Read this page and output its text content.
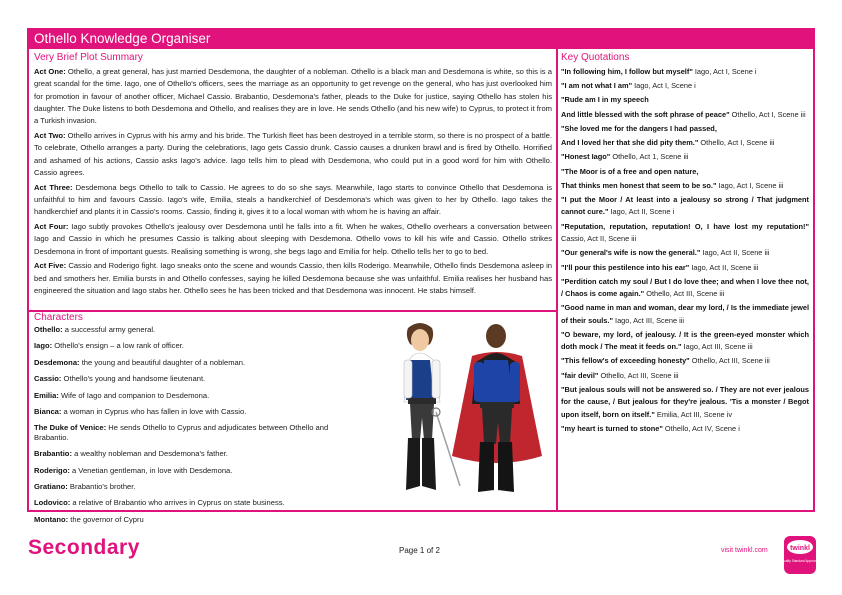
Othello Knowledge Organiser
Very Brief Plot Summary

Act One: Othello, a great general, has just married Desdemona, the daughter of a nobleman. Othello is a black man and Desdemona is white, so this is a great scandal for the time. Iago, one of Othello's officers, sees the marriage as an opportunity to get revenge on the general, who has just overlooked him for promotion in favour of another officer, Michael Cassio. Brabantio, Desdemona's father, pleads to the Duke for justice, saying Othello has stolen his daughter. The Duke listens to both Desdemona and Othello, and realises they are in love. He sends Othello (and his new wife) to Cyprus, to protect it from a Turkish invasion.

Act Two: Othello arrives in Cyprus with his army and his bride. The Turkish fleet has been destroyed in a terrible storm, so there is no prospect of a battle. To celebrate, Othello arranges a party. During the celebrations, Iago gets Cassio drunk. Cassio causes a drunken brawl and is fired by Othello. Horrified and ashamed of his actions, Cassio asks Iago's advice. Iago tells him to plead with Desdemona, who could put in a good word for him with Othello. Cassio agrees.

Act Three: Desdemona begs Othello to talk to Cassio. He agrees to do so she says. Meanwhile, Iago starts to convince Othello that Desdemona is unfaithful to him and favours Cassio. Iago's wife, Emilia, steals a handkerchief of Desdemona's which was given to her by Othello. Iago takes the handkerchief and plants it in Cassio's rooms. Cassio, finding it, gives it to a local woman with whom he is having an affair.

Act Four: Iago subtly provokes Othello's jealousy over Desdemona until he falls into a fit. When he wakes, Othello overhears a conversation between Iago and Cassio in which he presumes Cassio is talking about sleeping with Desdemona. Othello vows to kill his wife and Cassio. Othello strikes Desdemona in front of important guests. Realising something is wrong, she begs Iago and Emilia for help. Othello tells her to go to bed.

Act Five: Cassio and Roderigo fight. Iago sneaks onto the scene and wounds Cassio, then kills Roderigo. Meanwhile, Othello finds Desdemona asleep in bed and smothers her. Emilia bursts in and Othello confesses, saying he killed Desdemona because she was unfaithful. Emilia realises her husband has engineered the situation and Iago stabs her. Othello sees he has been tricked and that Desdemona was innocent. He stabs himself.

Characters
Othello: a successful army general.
Iago: Othello's ensign – a low rank of officer.
Desdemona: the young and beautiful daughter of a nobleman.
Cassio: Othello's young and handsome lieutenant.
Emilia: Wife of Iago and companion to Desdemona.
Bianca: a woman in Cyprus who has fallen in love with Cassio.
The Duke of Venice: He sends Othello to Cyprus and adjudicates between Othello and Brabantio.
Brabantio: a wealthy nobleman and Desdemona's father.
Roderigo: a Venetian gentleman, in love with Desdemona.
Gratiano: Brabantio's brother.
Lodovico: a relative of Brabantio who arrives in Cyprus on state business.
Montano: the governor of Cypru
Key Quotations
"In following him, I follow but myself" Iago, Act I, Scene i
"I am not what I am" Iago, Act I, Scene i
"Rude am I in my speech
And little blessed with the soft phrase of peace" Othello, Act I, Scene iii
"She loved me for the dangers I had passed,
And I loved her that she did pity them." Othello, Act I, Scene iii
"Honest Iago" Othello, Act 1, Scene iii
"The Moor is of a free and open nature,
That thinks men honest that seem to be so." Iago, Act I, Scene iii
"I put the Moor / At least into a jealousy so strong / That judgment cannot cure." Iago, Act II, Scene i
"Reputation, reputation, reputation! O, I have lost my reputation!" Cassio, Act II, Scene iii
"Our general's wife is now the general." Iago, Act II, Scene iii
"I'll pour this pestilence into his ear" Iago, Act II, Scene iii
"Perdition catch my soul / But I do love thee; and when I love thee not, / Chaos is come again." Othello, Act III, Scene iii
"Good name in man and woman, dear my lord, / Is the immediate jewel of their souls." Iago, Act III, Scene iii
"O beware, my lord, of jealousy. / It is the green-eyed monster which doth mock / The meat it feeds on." Iago, Act III, Scene iii
"This fellow's of exceeding honesty" Othello, Act III, Scene iii
"fair devil" Othello, Act III, Scene iii
"But jealous souls will not be answered so. / They are not ever jealous for the cause, / But jealous for they're jealous. 'Tis a monster / Begot upon itself, born on itself." Emilia, Act III, Scene iv
"my heart is turned to stone" Othello, Act IV, Scene i
Secondary	Page 1 of 2	visit twinkl.com	twinkl
Quality Standard Approved
